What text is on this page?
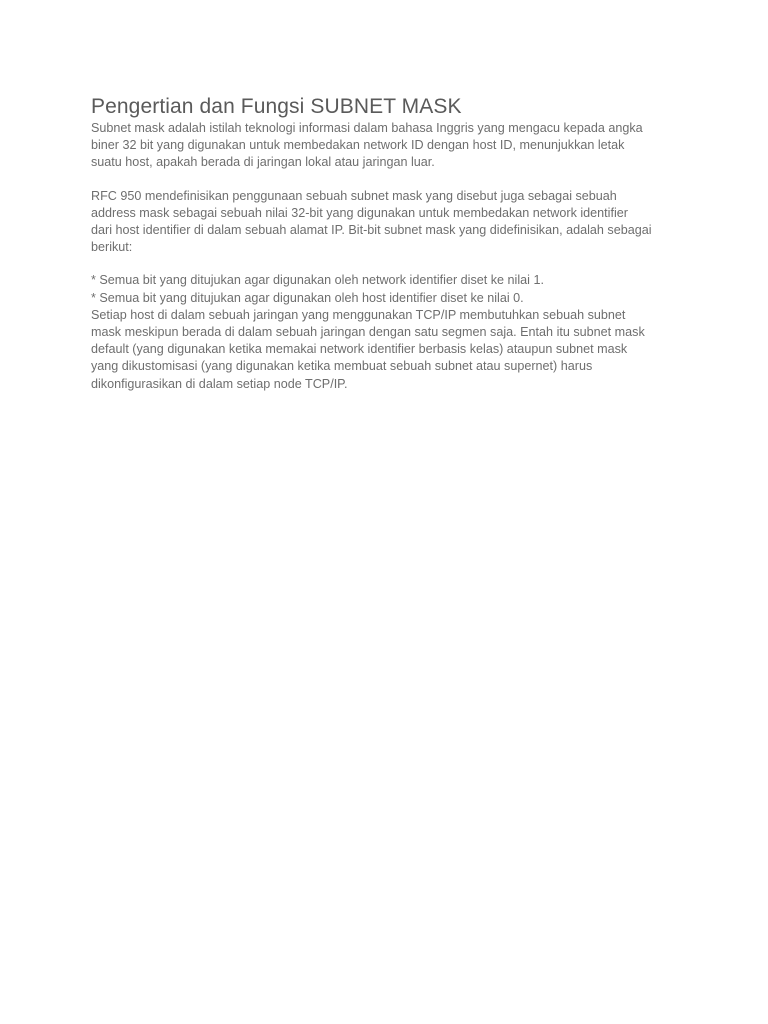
Pengertian dan Fungsi SUBNET MASK

Subnet mask adalah istilah teknologi informasi dalam bahasa Inggris yang mengacu kepada angka
biner 32 bit yang digunakan untuk membedakan network ID dengan host ID, menunjukkan letak
suatu host, apakah berada di jaringan lokal atau jaringan luar.

RFC 950 mendefinisikan penggunaan sebuah subnet mask yang disebut juga sebagai sebuah
address mask sebagai sebuah nilai 32-bit yang digunakan untuk membedakan network identifier
dari host identifier di dalam sebuah alamat IP. Bit-bit subnet mask yang didefinisikan, adalah sebagai
berikut:

* Semua bit yang ditujukan agar digunakan oleh network identifier diset ke nilai 1.
* Semua bit yang ditujukan agar digunakan oleh host identifier diset ke nilai 0.
Setiap host di dalam sebuah jaringan yang menggunakan TCP/IP membutuhkan sebuah subnet
mask meskipun berada di dalam sebuah jaringan dengan satu segmen saja. Entah itu subnet mask
default (yang digunakan ketika memakai network identifier berbasis kelas) ataupun subnet mask
yang dikustomisasi (yang digunakan ketika membuat sebuah subnet atau supernet) harus
dikonfigurasikan di dalam setiap node TCP/IP.
